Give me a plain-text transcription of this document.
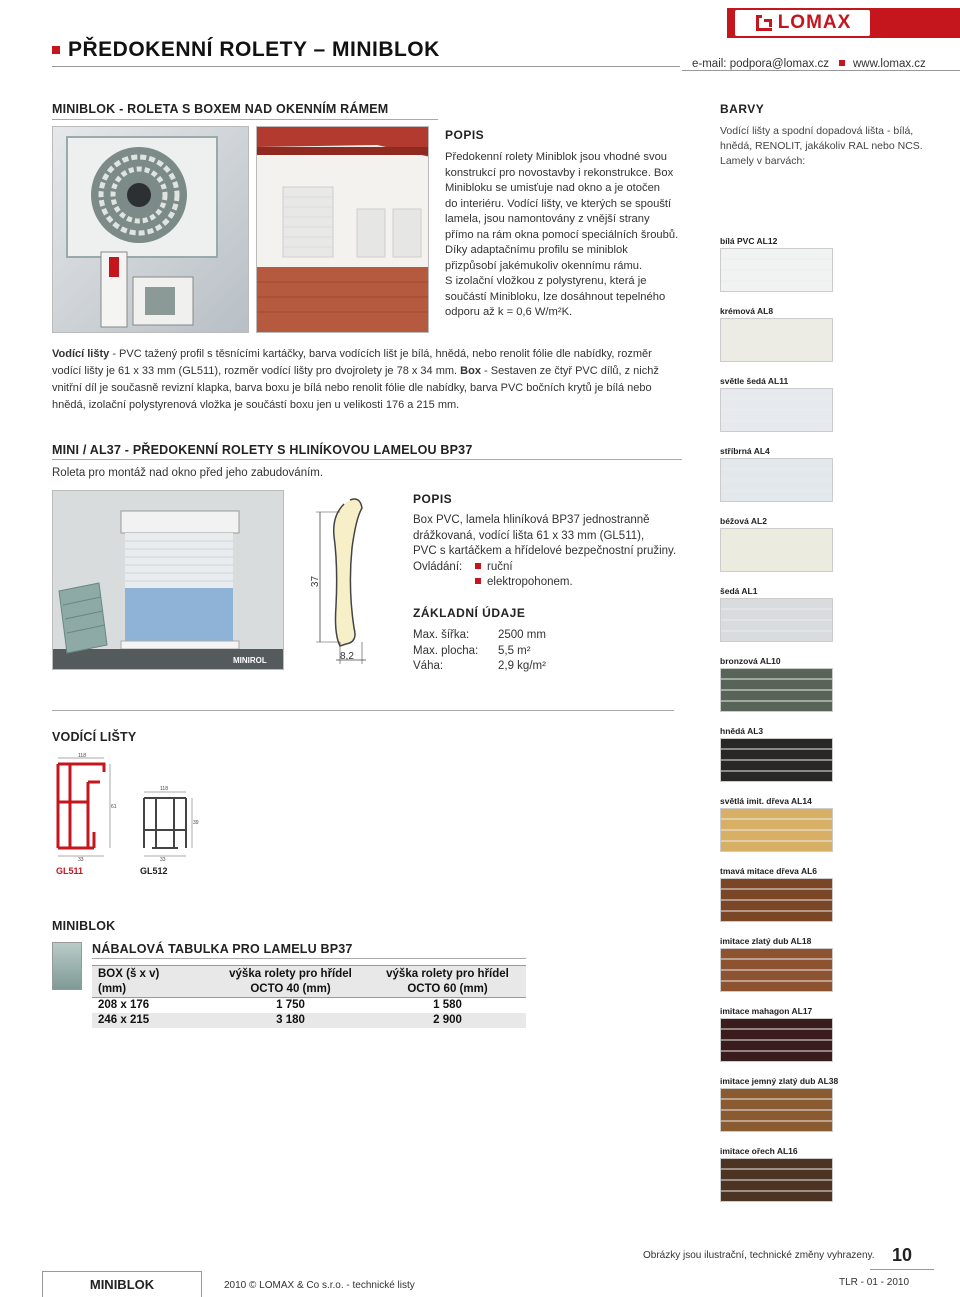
PŘEDOKENNÍ ROLETY – MINIBLOK
LOMAX
e-mail: podpora@lomax.cz www.lomax.cz
MINIBLOK - ROLETA S BOXEM NAD OKENNÍM RÁMEM
POPIS
Předokenní rolety Miniblok jsou vhodné svou
konstrukcí pro novostavby i rekonstrukce. Box
Minibloku se umisťuje nad okno a je otočen
do interiéru. Vodící lišty, ve kterých se spouští
lamela, jsou namontovány z vnější strany
přímo na rám okna pomocí speciálních šroubů.
Díky adaptačnímu profilu se miniblok
přizpůsobí jakémukoliv okennímu rámu.
S izolační vložkou z polystyrenu, která je
součástí Minibloku, lze dosáhnout tepelného
odporu až k = 0,6 W/m²K.
Vodící lišty - PVC tažený profil s těsnícími kartáčky, barva vodících lišt je bílá, hnědá, nebo renolit fólie dle nabídky, rozměr
vodící lišty je 61 x 33 mm (GL511), rozměr vodící lišty pro dvojrolety je 78 x 34 mm. Box - Sestaven ze čtyř PVC dílů, z nichž
vnitřní díl je současně revizní klapka, barva boxu je bílá nebo renolit fólie dle nabídky, barva PVC bočních krytů je bílá nebo
hnědá, izolační polystyrenová vložka je součástí boxu jen u velikosti 176 a 215 mm.
MINI / AL37 - PŘEDOKENNÍ ROLETY S HLINÍKOVOU LAMELOU BP37
Roleta pro montáž nad okno před jeho zabudováním.
MINIROL
37
8,2
POPIS
Box PVC, lamela hliníková BP37 jednostranně
drážkovaná, vodící lišta 61 x 33 mm (GL511),
PVC s kartáčkem a hřídelové bezpečnostní pružiny.
Ovládání:	ruční
elektropohonem.
ZÁKLADNÍ ÚDAJE
Max. šířka:	2500 mm
Max. plocha:	5,5 m²
Váha:	2,9 kg/m²
VODÍCÍ LIŠTY
118
61
33
118
39
33
GL511	GL512
MINIBLOK
NÁBALOVÁ TABULKA PRO LAMELU BP37
BOX (š x v)	výška rolety pro hřídel	výška rolety pro hřídel
(mm)	OCTO 40 (mm)	OCTO 60 (mm)
208 x 176	1 750	1 580
246 x 215	3 180	2 900
BARVY
Vodící lišty a spodní dopadová lišta - bílá,
hnědá, RENOLIT, jakákoliv RAL nebo NCS.
Lamely v barvách:
bílá PVC AL12
krémová AL8
světle šedá AL11
stříbrná AL4
béžová AL2
šedá AL1
bronzová AL10
hnědá AL3
světlá imit. dřeva AL14
tmavá mitace dřeva AL6
imitace zlatý dub AL18
imitace mahagon AL17
imitace jemný zlatý dub AL38
imitace ořech AL16
Obrázky jsou ilustrační, technické změny vyhrazeny. 10
MINIBLOK	2010 © LOMAX & Co s.r.o. - technické listy	TLR - 01 - 2010
